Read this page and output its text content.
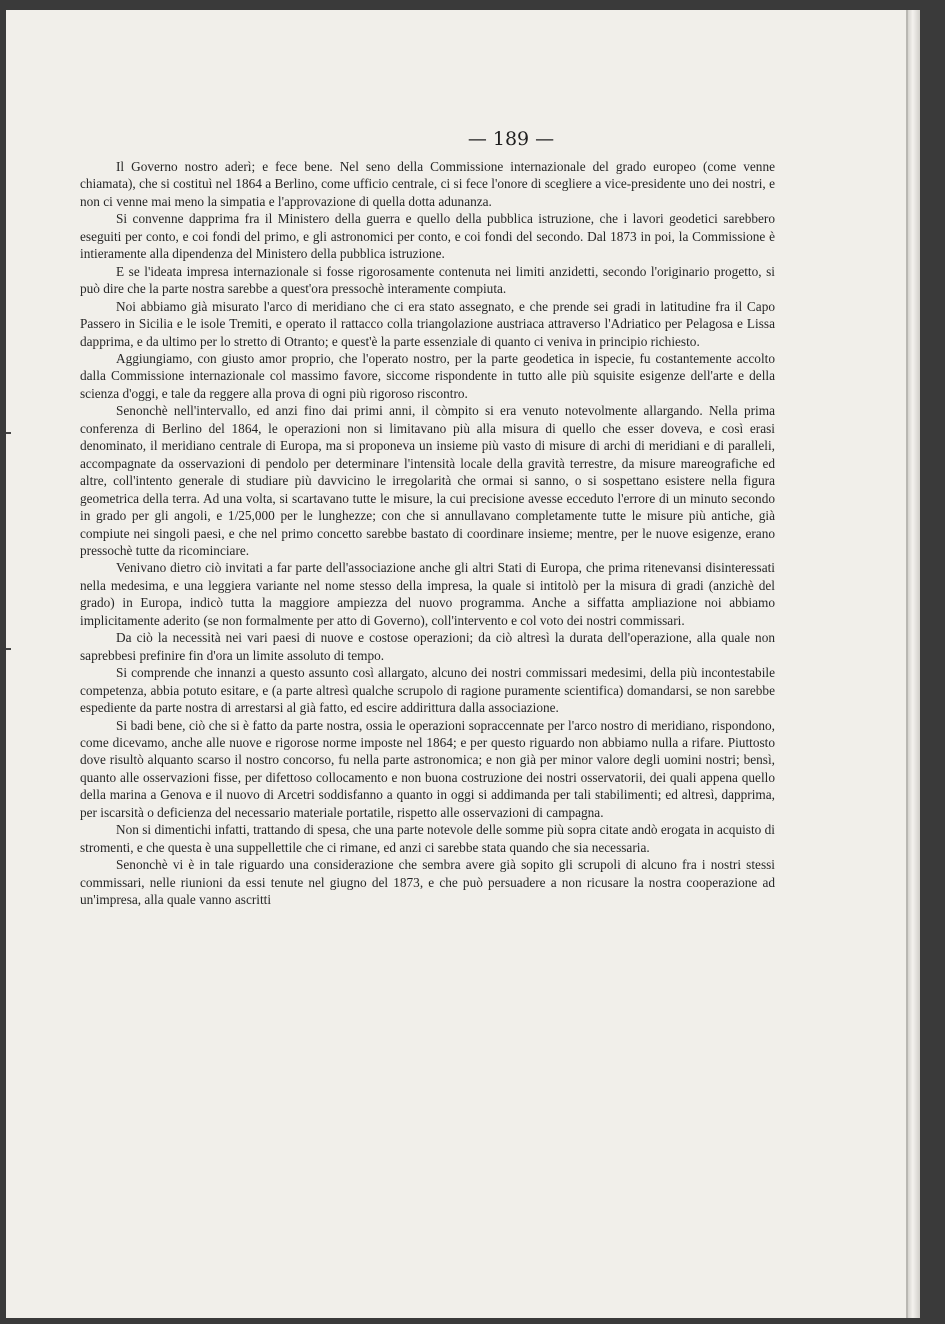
— 189 —

Il Governo nostro aderì; e fece bene. Nel seno della Commissione internazionale del grado europeo (come venne chiamata), che si costituì nel 1864 a Berlino, come ufficio centrale, ci si fece l'onore di scegliere a vice-presidente uno dei nostri, e non ci venne mai meno la simpatia e l'approvazione di quella dotta adunanza.

Si convenne dapprima fra il Ministero della guerra e quello della pubblica istruzione, che i lavori geodetici sarebbero eseguiti per conto, e coi fondi del primo, e gli astronomici per conto, e coi fondi del secondo. Dal 1873 in poi, la Commissione è intieramente alla dipendenza del Ministero della pubblica istruzione.

E se l'ideata impresa internazionale si fosse rigorosamente contenuta nei limiti anzidetti, secondo l'originario progetto, si può dire che la parte nostra sarebbe a quest'ora pressochè interamente compiuta.

Noi abbiamo già misurato l'arco di meridiano che ci era stato assegnato, e che prende sei gradi in latitudine fra il Capo Passero in Sicilia e le isole Tremiti, e operato il rattacco colla triangolazione austriaca attraverso l'Adriatico per Pelagosa e Lissa dapprima, e da ultimo per lo stretto di Otranto; e quest'è la parte essenziale di quanto ci veniva in principio richiesto.

Aggiungiamo, con giusto amor proprio, che l'operato nostro, per la parte geodetica in ispecie, fu costantemente accolto dalla Commissione internazionale col massimo favore, siccome rispondente in tutto alle più squisite esigenze dell'arte e della scienza d'oggi, e tale da reggere alla prova di ogni più rigoroso riscontro.

Senonchè nell'intervallo, ed anzi fino dai primi anni, il còmpito si era venuto notevolmente allargando. Nella prima conferenza di Berlino del 1864, le operazioni non si limitavano più alla misura di quello che esser doveva, e così erasi denominato, il meridiano centrale di Europa, ma si proponeva un insieme più vasto di misure di archi di meridiani e di paralleli, accompagnate da osservazioni di pendolo per determinare l'intensità locale della gravità terrestre, da misure mareografiche ed altre, coll'intento generale di studiare più davvicino le irregolarità che ormai si sanno, o si sospettano esistere nella figura geometrica della terra. Ad una volta, si scartavano tutte le misure, la cui precisione avesse ecceduto l'errore di un minuto secondo in grado per gli angoli, e 1/25,000 per le lunghezze; con che si annullavano completamente tutte le misure più antiche, già compiute nei singoli paesi, e che nel primo concetto sarebbe bastato di coordinare insieme; mentre, per le nuove esigenze, erano pressochè tutte da ricominciare.

Venivano dietro ciò invitati a far parte dell'associazione anche gli altri Stati di Europa, che prima ritenevansi disinteressati nella medesima, e una leggiera variante nel nome stesso della impresa, la quale si intitolò per la misura di gradi (anzichè del grado) in Europa, indicò tutta la maggiore ampiezza del nuovo programma. Anche a siffatta ampliazione noi abbiamo implicitamente aderito (se non formalmente per atto di Governo), coll'intervento e col voto dei nostri commissari.

Da ciò la necessità nei vari paesi di nuove e costose operazioni; da ciò altresì la durata dell'operazione, alla quale non saprebbesi prefinire fin d'ora un limite assoluto di tempo.

Si comprende che innanzi a questo assunto così allargato, alcuno dei nostri commissari medesimi, della più incontestabile competenza, abbia potuto esitare, e (a parte altresì qualche scrupolo di ragione puramente scientifica) domandarsi, se non sarebbe espediente da parte nostra di arrestarsi al già fatto, ed escire addirittura dalla associazione.

Si badi bene, ciò che si è fatto da parte nostra, ossia le operazioni sopraccennate per l'arco nostro di meridiano, rispondono, come dicevamo, anche alle nuove e rigorose norme imposte nel 1864; e per questo riguardo non abbiamo nulla a rifare. Piuttosto dove risultò alquanto scarso il nostro concorso, fu nella parte astronomica; e non già per minor valore degli uomini nostri; bensì, quanto alle osservazioni fisse, per difettoso collocamento e non buona costruzione dei nostri osservatorii, dei quali appena quello della marina a Genova e il nuovo di Arcetri soddisfanno a quanto in oggi si addimanda per tali stabilimenti; ed altresì, dapprima, per iscarsità o deficienza del necessario materiale portatile, rispetto alle osservazioni di campagna.

Non si dimentichi infatti, trattando di spesa, che una parte notevole delle somme più sopra citate andò erogata in acquisto di stromenti, e che questa è una suppellettile che ci rimane, ed anzi ci sarebbe stata quando che sia necessaria.

Senonchè vi è in tale riguardo una considerazione che sembra avere già sopito gli scrupoli di alcuno fra i nostri stessi commissari, nelle riunioni da essi tenute nel giugno del 1873, e che può persuadere a non ricusare la nostra cooperazione ad un'impresa, alla quale vanno ascritti
